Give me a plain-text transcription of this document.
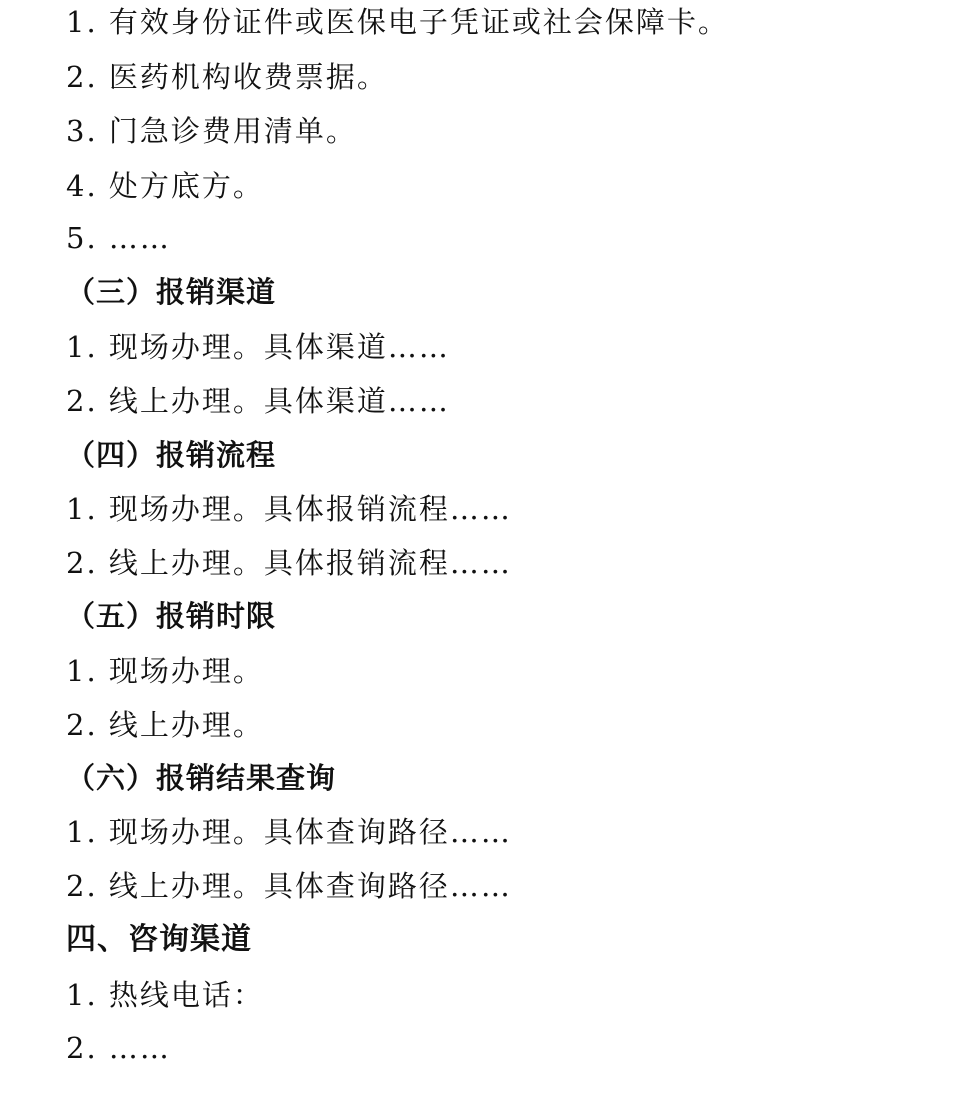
1. 有效身份证件或医保电子凭证或社会保障卡。
2. 医药机构收费票据。
3. 门急诊费用清单。
4. 处方底方。
5. ……
（三）报销渠道
1. 现场办理。具体渠道……
2. 线上办理。具体渠道……
（四）报销流程
1. 现场办理。具体报销流程……
2. 线上办理。具体报销流程……
（五）报销时限
1. 现场办理。
2. 线上办理。
（六）报销结果查询
1. 现场办理。具体查询路径……
2. 线上办理。具体查询路径……
四、咨询渠道
1. 热线电话：
2. ……
